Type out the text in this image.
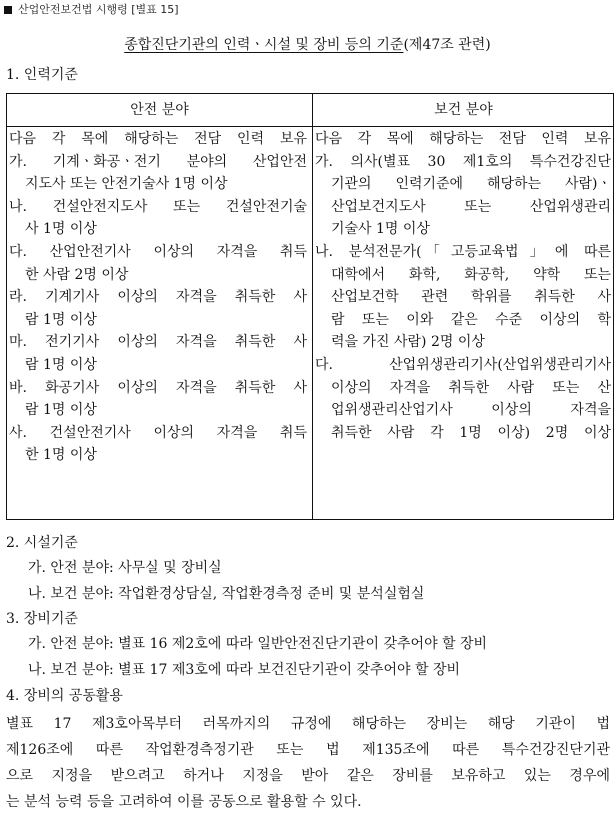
산업안전보건법 시행령 [별표 15]
종합진단기관의 인력ㆍ시설 및 장비 등의 기준(제47조 관련)
1. 인력기준
안전 분야	보건 분야
다음 각 목에 해당하는 전담 인력 보유
가. 기계ㆍ화공ㆍ전기 분야의 산업안전
지도사 또는 안전기술사 1명 이상
나. 건설안전지도사 또는 건설안전기술
사 1명 이상
다. 산업안전기사 이상의 자격을 취득
한 사람 2명 이상
라. 기계기사 이상의 자격을 취득한 사
람 1명 이상
마. 전기기사 이상의 자격을 취득한 사
람 1명 이상
바. 화공기사 이상의 자격을 취득한 사
람 1명 이상
사. 건설안전기사 이상의 자격을 취득
한 1명 이상
다음 각 목에 해당하는 전담 인력 보유
가. 의사(별표 30 제1호의 특수건강진단
기관의 인력기준에 해당하는 사람)ㆍ
산업보건지도사 또는 산업위생관리
기술사 1명 이상
나. 분석전문가(「고등교육법」에 따른
대학에서 화학, 화공학, 약학 또는
산업보건학 관련 학위를 취득한 사
람 또는 이와 같은 수준 이상의 학
력을 가진 사람) 2명 이상
다. 산업위생관리기사(산업위생관리기사
이상의 자격을 취득한 사람 또는 산
업위생관리산업기사 이상의 자격을
취득한 사람 각 1명 이상) 2명 이상
2. 시설기준
가. 안전 분야: 사무실 및 장비실
나. 보건 분야: 작업환경상담실, 작업환경측정 준비 및 분석실험실
3. 장비기준
가. 안전 분야: 별표 16 제2호에 따라 일반안전진단기관이 갖추어야 할 장비
나. 보건 분야: 별표 17 제3호에 따라 보건진단기관이 갖추어야 할 장비
4. 장비의 공동활용
별표 17 제3호아목부터 러목까지의 규정에 해당하는 장비는 해당 기관이 법
제126조에 따른 작업환경측정기관 또는 법 제135조에 따른 특수건강진단기관
으로 지정을 받으려고 하거나 지정을 받아 같은 장비를 보유하고 있는 경우에
는 분석 능력 등을 고려하여 이를 공동으로 활용할 수 있다.
